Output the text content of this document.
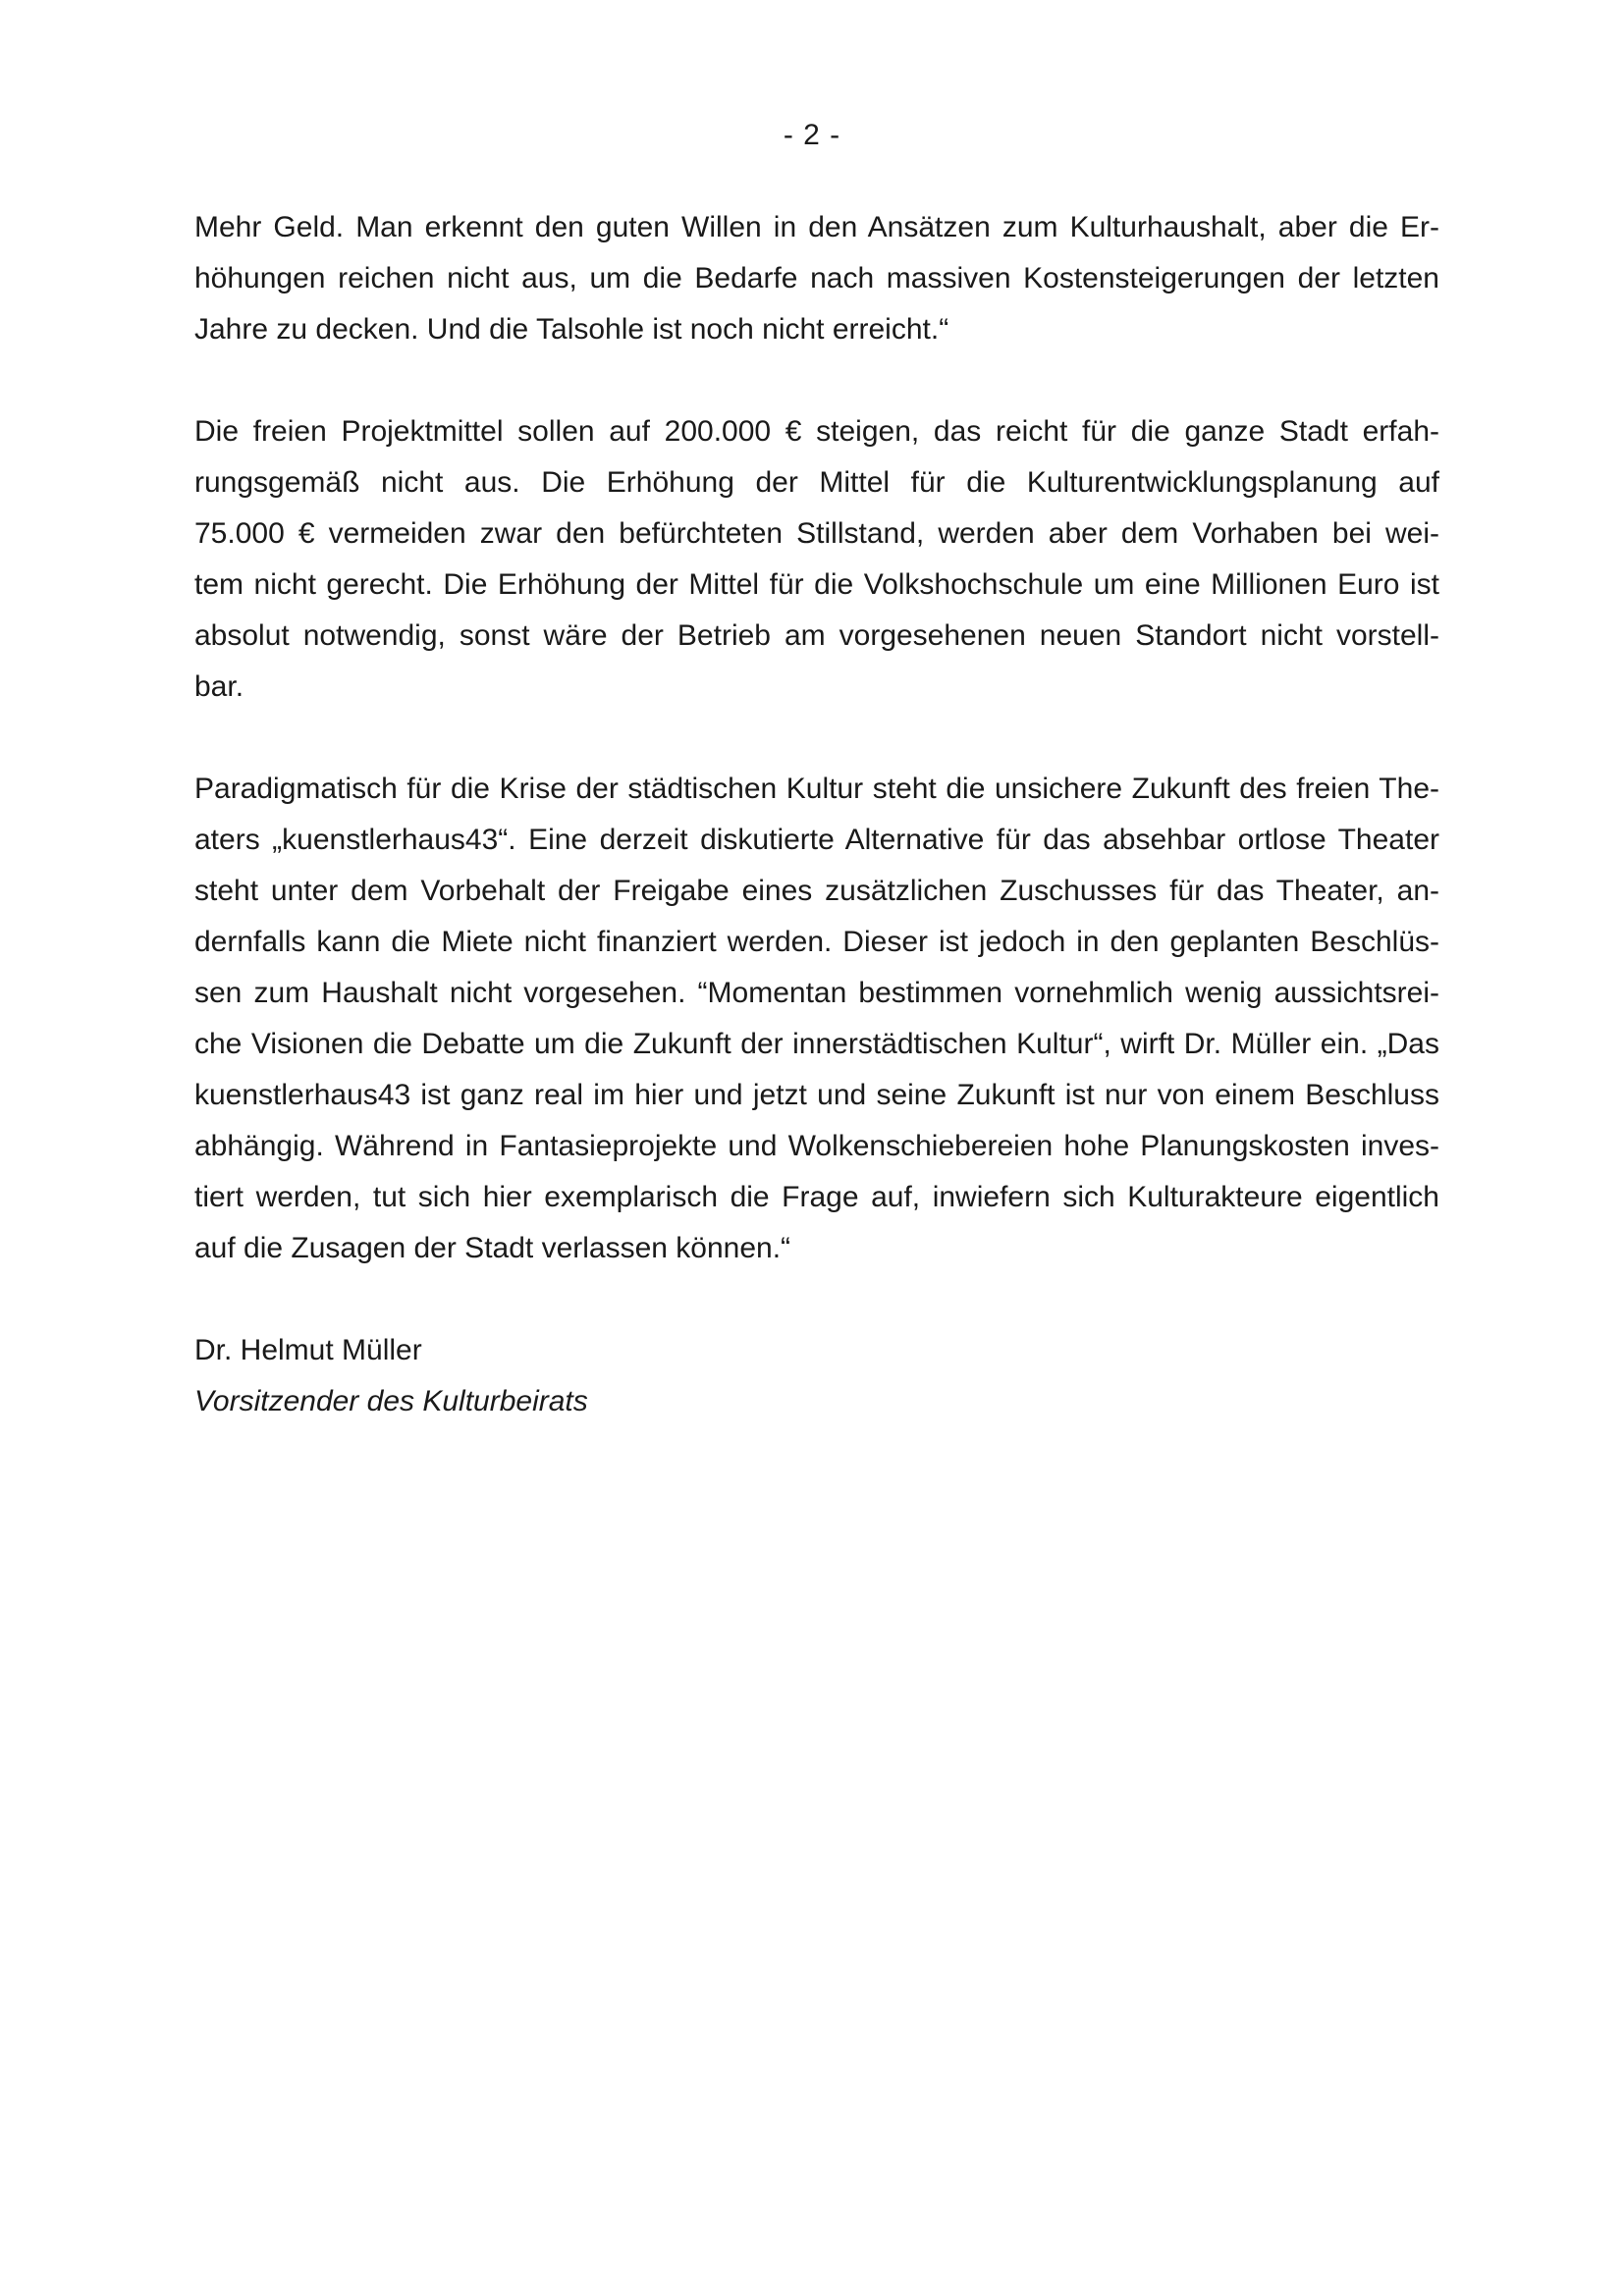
- 2 -
Mehr Geld. Man erkennt den guten Willen in den Ansätzen zum Kulturhaushalt, aber die Er-
höhungen reichen nicht aus, um die Bedarfe nach massiven Kostensteigerungen der letzten
Jahre zu decken. Und die Talsohle ist noch nicht erreicht.“
Die freien Projektmittel sollen auf 200.000 € steigen, das reicht für die ganze Stadt erfah-
rungsgemäß nicht aus. Die Erhöhung der Mittel für die Kulturentwicklungsplanung auf
75.000 € vermeiden zwar den befürchteten Stillstand, werden aber dem Vorhaben bei wei-
tem nicht gerecht. Die Erhöhung der Mittel für die Volkshochschule um eine Millionen Euro ist
absolut notwendig, sonst wäre der Betrieb am vorgesehenen neuen Standort nicht vorstell-
bar.
Paradigmatisch für die Krise der städtischen Kultur steht die unsichere Zukunft des freien The-
aters „kuenstlerhaus43“. Eine derzeit diskutierte Alternative für das absehbar ortlose Theater
steht unter dem Vorbehalt der Freigabe eines zusätzlichen Zuschusses für das Theater, an-
dernfalls kann die Miete nicht finanziert werden. Dieser ist jedoch in den geplanten Beschlüs-
sen zum Haushalt nicht vorgesehen. “Momentan bestimmen vornehmlich wenig aussichtsrei-
che Visionen die Debatte um die Zukunft der innerstädtischen Kultur“, wirft Dr. Müller ein. „Das
kuenstlerhaus43 ist ganz real im hier und jetzt und seine Zukunft ist nur von einem Beschluss
abhängig. Während in Fantasieprojekte und Wolkenschiebereien hohe Planungskosten inves-
tiert werden, tut sich hier exemplarisch die Frage auf, inwiefern sich Kulturakteure eigentlich
auf die Zusagen der Stadt verlassen können.“
Dr. Helmut Müller
Vorsitzender des Kulturbeirats
